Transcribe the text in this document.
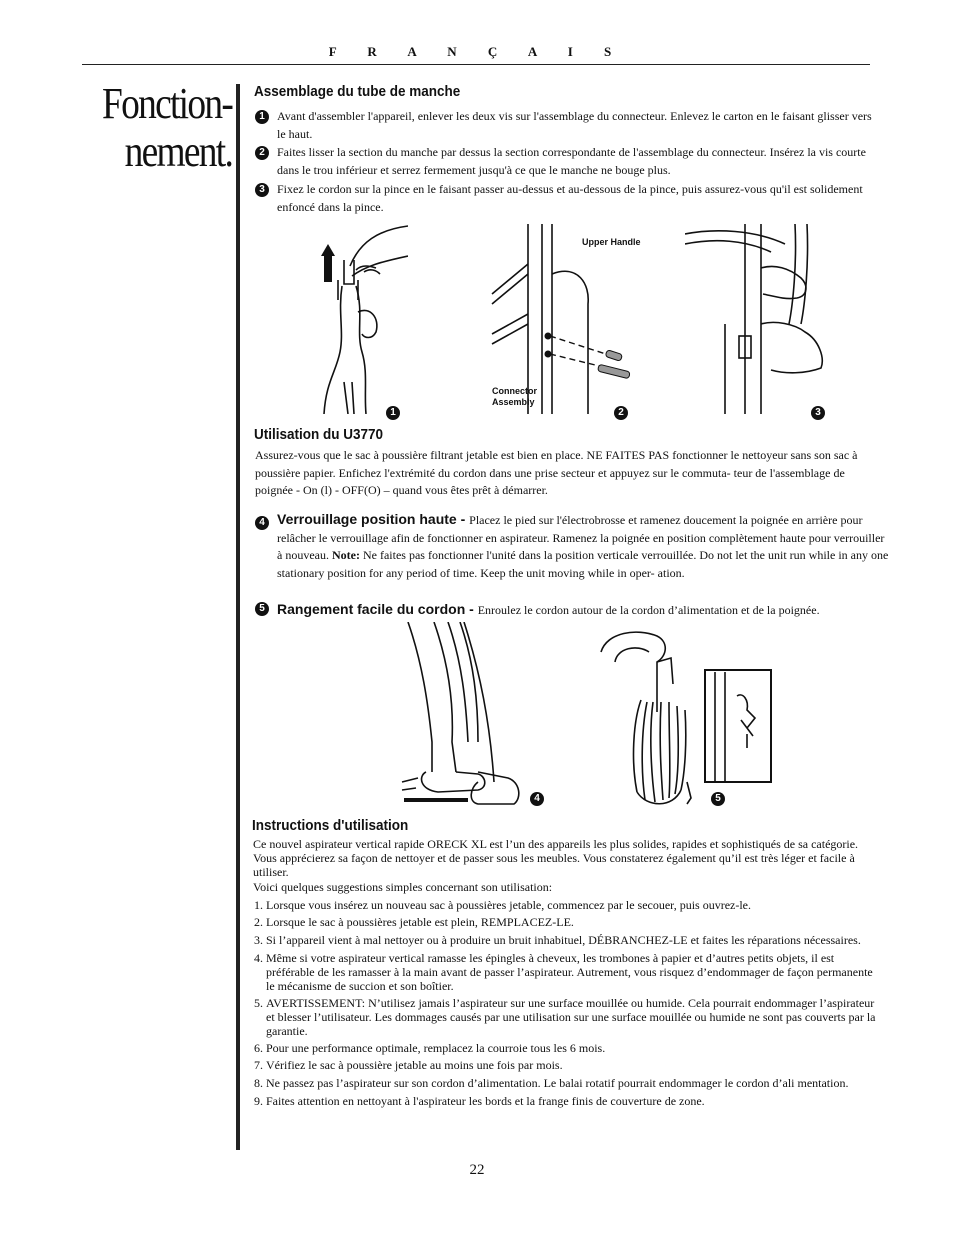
F R A N Ç A I S
Fonction-
nement.
Assemblage du tube de manche
1	Avant d'assembler l'appareil, enlever les deux vis sur l'assemblage du connecteur. Enlevez le carton en le faisant glisser vers le haut.
2	Faites lisser la section du manche par dessus la section correspondante de l'assemblage du connecteur. Insérez la vis courte dans le trou inférieur et serrez fermement jusqu'à ce que le manche ne bouge plus.
3	Fixez le cordon sur la pince en le faisant passer au-dessus et au-dessous de la pince, puis assurez-vous qu'il est solidement enfoncé dans la pince.
1
Upper Handle
Connector Assembly
2	3
Utilisation du U3770
Assurez-vous que le sac à poussière filtrant jetable est bien en place. NE FAITES PAS fonctionner le nettoyeur sans son sac à poussière papier. Enfichez l'extrémité du cordon dans une prise secteur et appuyez sur le commuta- teur de l'assemblage de poignée - On (l) - OFF(O) – quand vous êtes prêt à démarrer.
4 Verrouillage position haute - Placez le pied sur l'électrobrosse et ramenez doucement la poignée en arrière pour relâcher le verrouillage afin de fonctionner en aspirateur. Ramenez la poignée en position complètement haute pour verrouiller à nouveau. Note: Ne faites pas fonctionner l'unité dans la position verticale verrouillée. Do not let the unit run while in any one stationary position for any period of time. Keep the unit moving while in oper- ation.
5 Rangement facile du cordon - Enroulez le cordon autour de la cordon d’alimentation et de la poignée.
4	5
Instructions d'utilisation
Ce nouvel aspirateur vertical rapide ORECK XL est l’un des appareils les plus solides, rapides et sophistiqués de sa catégorie. Vous apprécierez sa façon de nettoyer et de passer sous les meubles. Vous constaterez également qu’il est très léger et facile à utiliser.
Voici quelques suggestions simples concernant son utilisation:
1. Lorsque vous insérez un nouveau sac à poussières jetable, commencez par le secouer, puis ouvrez-le.
2. Lorsque le sac à poussières jetable est plein, REMPLACEZ-LE.
3. Si l’appareil vient à mal nettoyer ou à produire un bruit inhabituel, DÉBRANCHEZ-LE et faites les réparations nécessaires.
4. Même si votre aspirateur vertical ramasse les épingles à cheveux, les trombones à papier et d’autres petits objets, il est préférable de les ramasser à la main avant de passer l’aspirateur. Autrement, vous risquez d’endommager de façon permanente le mécanisme de succion et son boîtier.
5. AVERTISSEMENT: N’utilisez jamais l’aspirateur sur une surface mouillée ou humide. Cela pourrait endommager l’aspirateur et blesser l’utilisateur. Les dommages causés par une utilisation sur une surface mouillée ou humide ne sont pas couverts par la garantie.
6. Pour une performance optimale, remplacez la courroie tous les 6 mois.
7. Vérifiez le sac à poussière jetable au moins une fois par mois.
8. Ne passez pas l’aspirateur sur son cordon d’alimentation. Le balai rotatif pourrait endommager le cordon d’ali mentation.
9. Faites attention en nettoyant à l'aspirateur les bords et la frange finis de couverture de zone.
22
